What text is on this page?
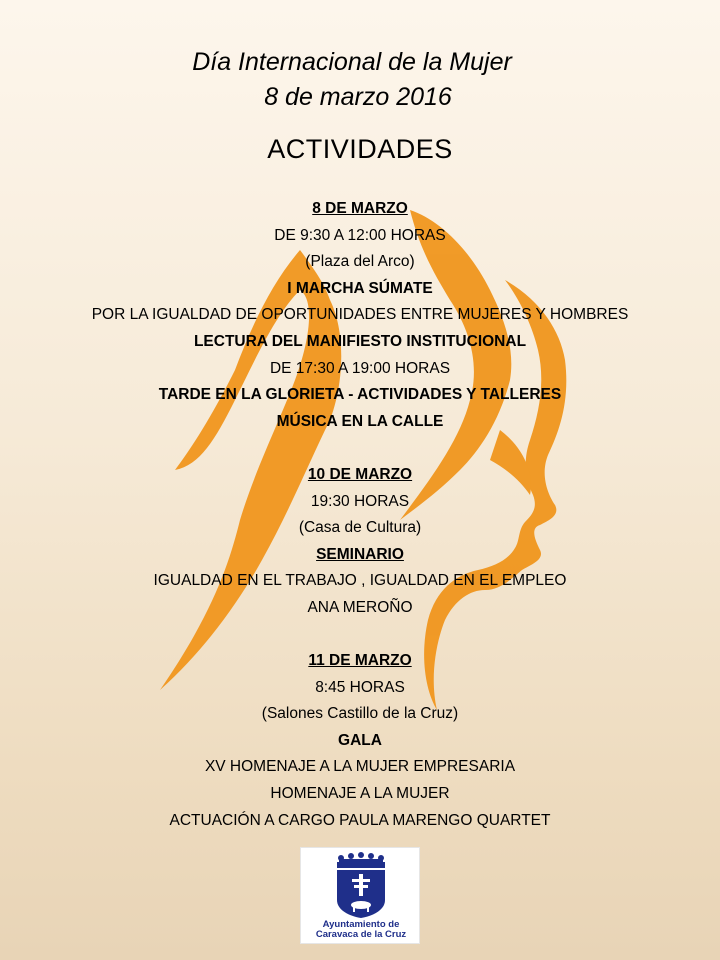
Día Internacional de la Mujer
8 de marzo 2016
ACTIVIDADES
8 DE MARZO
DE 9:30 A 12:00 HORAS
(Plaza del Arco)
I MARCHA SÚMATE
POR LA IGUALDAD DE OPORTUNIDADES ENTRE MUJERES Y HOMBRES
LECTURA DEL MANIFIESTO INSTITUCIONAL
DE 17:30 A 19:00 HORAS
TARDE EN LA GLORIETA - ACTIVIDADES Y TALLERES
MÚSICA EN LA CALLE
10 DE MARZO
19:30 HORAS
(Casa de Cultura)
SEMINARIO
IGUALDAD EN EL TRABAJO , IGUALDAD EN EL EMPLEO
ANA MEROÑO
11 DE MARZO
8:45 HORAS
(Salones Castillo de la Cruz)
GALA
XV HOMENAJE A LA MUJER EMPRESARIA
HOMENAJE A LA MUJER
ACTUACIÓN A CARGO PAULA MARENGO QUARTET
Ayuntamiento de
Caravaca de la Cruz
